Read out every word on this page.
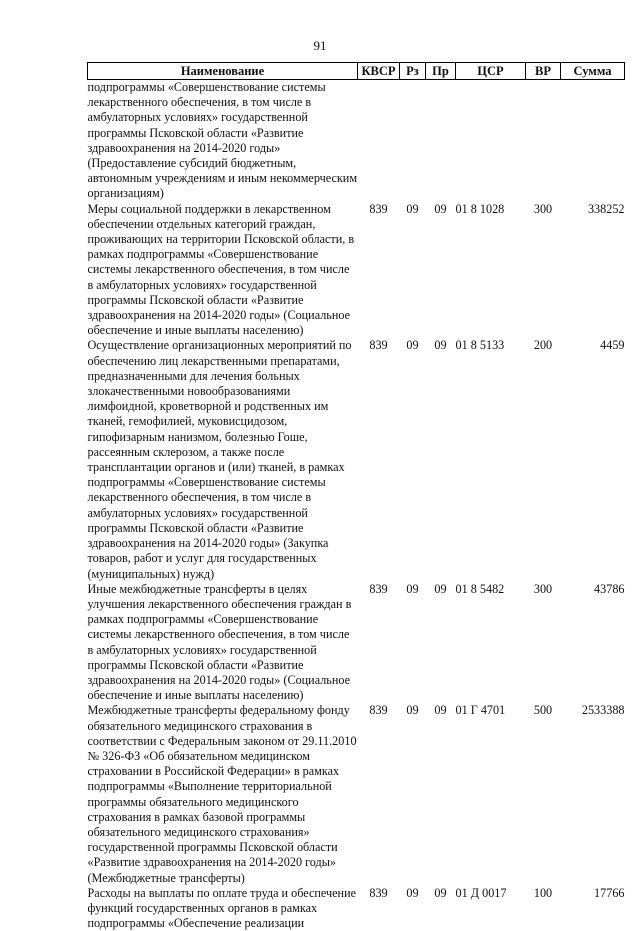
91
Наименование	КВСР	Рз	Пр	ЦСР	ВР	Сумма
подпрограммы «Совершенствование системы лекарственного обеспечения, в том числе в амбулаторных условиях» государственной программы Псковской области «Развитие здравоохранения на 2014-2020 годы» (Предоставление субсидий бюджетным, автономным учреждениям и иным некоммерческим организациям)						
Меры социальной поддержки в лекарственном обеспечении отдельных категорий граждан, проживающих на территории Псковской области, в рамках подпрограммы «Совершенствование системы лекарственного обеспечения, в том числе в амбулаторных условиях» государственной программы Псковской области «Развитие здравоохранения на 2014-2020 годы» (Социальное обеспечение и иные выплаты населению)	839	09	09	01 8 1028	300	338252
Осуществление организационных мероприятий по обеспечению лиц лекарственными препаратами, предназначенными для лечения больных злокачественными новообразованиями лимфоидной, кроветворной и родственных им тканей, гемофилией, муковисцидозом, гипофизарным нанизмом, болезнью Гоше, рассеянным склерозом, а также после трансплантации органов и (или) тканей, в рамках подпрограммы «Совершенствование системы лекарственного обеспечения, в том числе в амбулаторных условиях» государственной программы Псковской области «Развитие здравоохранения на 2014-2020 годы» (Закупка товаров, работ и услуг для государственных (муниципальных) нужд)	839	09	09	01 8 5133	200	4459
Иные межбюджетные трансферты в целях улучшения лекарственного обеспечения граждан в рамках подпрограммы «Совершенствование системы лекарственного обеспечения, в том числе в амбулаторных условиях» государственной программы Псковской области «Развитие здравоохранения на 2014-2020 годы» (Социальное обеспечение и иные выплаты населению)	839	09	09	01 8 5482	300	43786
Межбюджетные трансферты федеральному фонду обязательного медицинского страхования в соответствии с Федеральным законом от 29.11.2010 № 326-ФЗ «Об обязательном медицинском страховании в Российской Федерации» в рамках подпрограммы «Выполнение территориальной программы обязательного медицинского страхования в рамках базовой программы обязательного медицинского страхования» государственной программы Псковской области «Развитие здравоохранения на 2014-2020 годы» (Межбюджетные трансферты)	839	09	09	01 Г 4701	500	2533388
Расходы на выплаты по оплате труда и обеспечение функций государственных органов в рамках подпрограммы «Обеспечение реализации	839	09	09	01 Д 0017	100	17766
